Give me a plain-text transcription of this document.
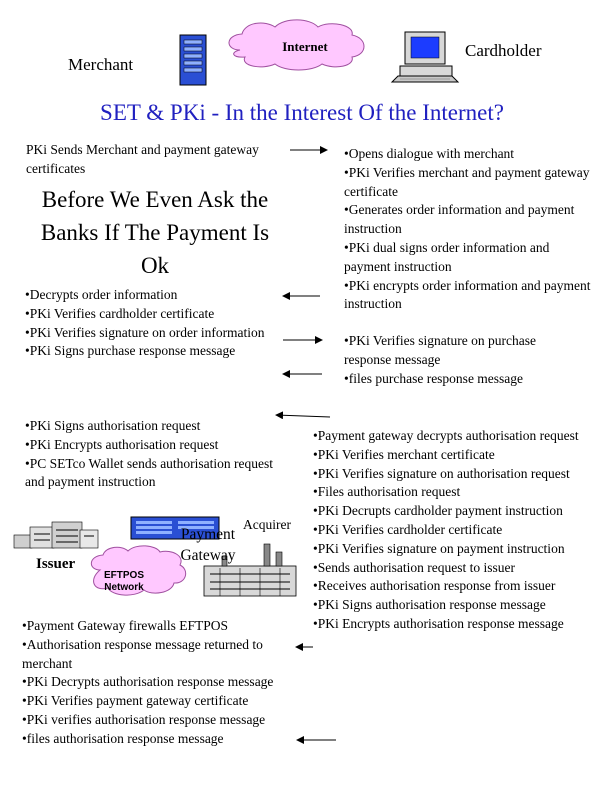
Merchant
Internet	Cardholder
SET & PKi - In the Interest Of the Internet?
PKi Sends Merchant and payment gateway certificates
Before We Even Ask the Banks If The Payment Is Ok
•Opens dialogue with merchant
•PKi Verifies merchant and payment gateway certificate
•Generates order information and payment instruction
•PKi dual signs order information and payment instruction
•PKi encrypts order information and payment instruction
•Decrypts order information
•PKi Verifies cardholder certificate
•PKi Verifies signature on order information
•PKi Signs purchase response message
•PKi Verifies signature on purchase response message
•files purchase response message
•PKi Signs authorisation request
•PKi Encrypts authorisation request
•PC SETco Wallet sends authorisation request and payment instruction
•Payment gateway decrypts authorisation request
•PKi Verifies merchant certificate
•PKi Verifies signature on authorisation request
•Files authorisation request
•PKi Decrupts cardholder payment instruction
•PKi Verifies cardholder certificate
•PKi Verifies signature on payment instruction
•Sends authorisation request to issuer
•Receives authorisation response from issuer
•PKi Signs authorisation response message
•PKi Encrypts authorisation response message
Acquirer
Payment Gateway
Issuer
EFTPOS Network
•Payment Gateway firewalls EFTPOS
•Authorisation response message returned to merchant
•PKi Decrypts authorisation response message
•PKi Verifies payment gateway certificate
•PKi verifies authorisation response message
•files authorisation response message
